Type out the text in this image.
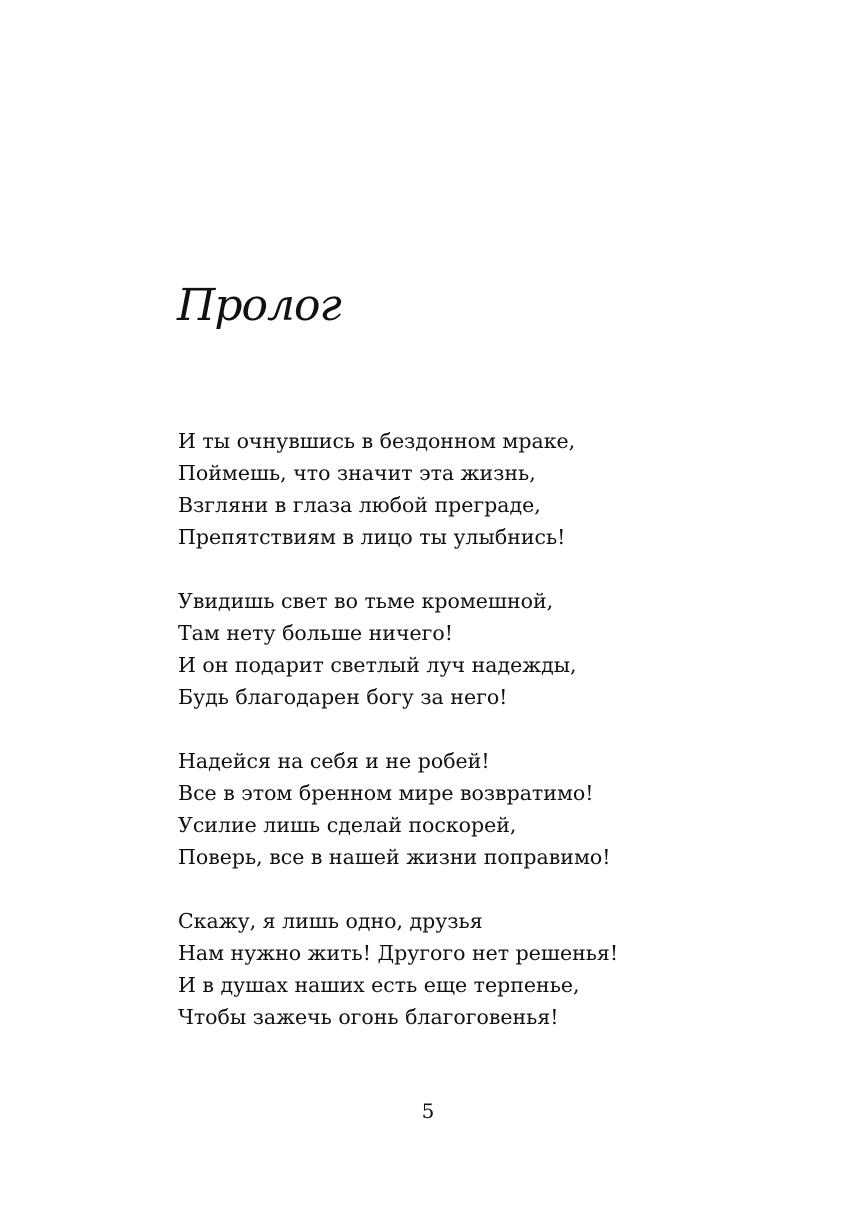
Пролог
И ты очнувшись в бездонном мраке,
Поймешь, что значит эта жизнь,
Взгляни в глаза любой преграде,
Препятствиям в лицо ты улыбнись!
Увидишь свет во тьме кромешной,
Там нету больше ничего!
И он подарит светлый луч надежды,
Будь благодарен богу за него!
Надейся на себя и не робей!
Все в этом бренном мире возвратимо!
Усилие лишь сделай поскорей,
Поверь, все в нашей жизни поправимо!
Скажу, я лишь одно, друзья
Нам нужно жить! Другого нет решенья!
И в душах наших есть еще терпенье,
Чтобы зажечь огонь благоговенья!
5
